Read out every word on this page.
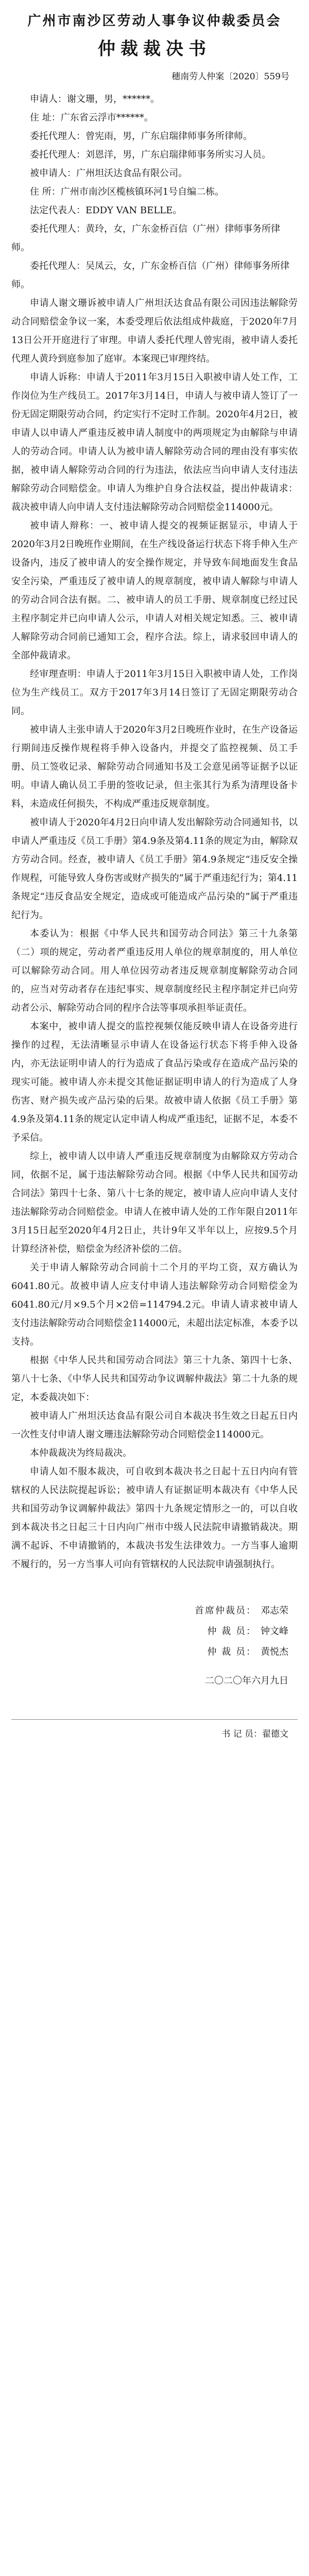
广州市南沙区劳动人事争议仲裁委员会
仲裁裁决书
穗南劳人仲案〔2020〕559号

申请人：谢文珊，男，******。

住 址：广东省云浮市******。

委托代理人：曾宪雨，男，广东启瑞律师事务所律师。

委托代理人：刘恩洋，男，广东启瑞律师事务所实习人员。

被申请人：广州坦沃达食品有限公司。

住 所：广州市南沙区榄核镇环河1号自编二栋。

法定代表人：EDDY VAN BELLE。

委托代理人：黄玲，女，广东金桥百信（广州）律师事务所律师。

委托代理人：吴凤云，女，广东金桥百信（广州）律师事务所律师。

申请人谢文珊诉被申请人广州坦沃达食品有限公司因违法解除劳动合同赔偿金争议一案，本委受理后依法组成仲裁庭，于2020年7月13日公开开庭进行了审理。申请人委托代理人曾宪雨，被申请人委托代理人黄玲到庭参加了庭审。本案现已审理终结。

申请人诉称：申请人于2011年3月15日入职被申请人处工作，工作岗位为生产线员工。2017年3月14日，申请人与被申请人签订了一份无固定期限劳动合同，约定实行不定时工作制。2020年4月2日，被申请人以申请人严重违反被申请人制度中的两项规定为由解除与申请人的劳动合同。申请人认为被申请人解除劳动合同的理由没有事实依据，被申请人解除劳动合同的行为违法，依法应当向申请人支付违法解除劳动合同赔偿金。申请人为维护自身合法权益，提出仲裁请求：裁决被申请人向申请人支付违法解除劳动合同赔偿金114000元。

被申请人辩称：一、被申请人提交的视频证据显示，申请人于2020年3月2日晚班作业期间，在生产线设备运行状态下将手伸入生产设备内，违反了被申请人的安全操作规定，并导致车间地面发生食品安全污染，严重违反了被申请人的规章制度，被申请人解除与申请人的劳动合同合法有据。二、被申请人的员工手册、规章制度已经过民主程序制定并已向申请人公示，申请人对相关规定知悉。三、被申请人解除劳动合同前已通知工会，程序合法。综上，请求驳回申请人的全部仲裁请求。

经审理查明：申请人于2011年3月15日入职被申请人处，工作岗位为生产线员工。双方于2017年3月14日签订了无固定期限劳动合同。

被申请人主张申请人于2020年3月2日晚班作业时，在生产设备运行期间违反操作规程将手伸入设备内，并提交了监控视频、员工手册、员工签收记录、解除劳动合同通知书及工会意见函等证据予以证明。申请人确认员工手册的签收记录，但主张其行为系为清理设备卡料，未造成任何损失，不构成严重违反规章制度。

被申请人于2020年4月2日向申请人发出解除劳动合同通知书，以申请人严重违反《员工手册》第4.9条及第4.11条的规定为由，解除双方劳动合同。经查，被申请人《员工手册》第4.9条规定“违反安全操作规程，可能导致人身伤害或财产损失的”属于严重违纪行为；第4.11条规定“违反食品安全规定，造成或可能造成产品污染的”属于严重违纪行为。

本委认为：根据《中华人民共和国劳动合同法》第三十九条第（二）项的规定，劳动者严重违反用人单位的规章制度的，用人单位可以解除劳动合同。用人单位因劳动者违反规章制度解除劳动合同的，应当对劳动者存在违纪事实、规章制度经民主程序制定并已向劳动者公示、解除劳动合同的程序合法等事项承担举证责任。

本案中，被申请人提交的监控视频仅能反映申请人在设备旁进行操作的过程，无法清晰显示申请人在设备运行状态下将手伸入设备内，亦无法证明申请人的行为造成了食品污染或存在造成产品污染的现实可能。被申请人亦未提交其他证据证明申请人的行为造成了人身伤害、财产损失或产品污染的后果。故被申请人依据《员工手册》第4.9条及第4.11条的规定认定申请人构成严重违纪，证据不足，本委不予采信。

综上，被申请人以申请人严重违反规章制度为由解除双方劳动合同，依据不足，属于违法解除劳动合同。根据《中华人民共和国劳动合同法》第四十七条、第八十七条的规定，被申请人应向申请人支付违法解除劳动合同赔偿金。申请人在被申请人处的工作年限自2011年3月15日起至2020年4月2日止，共计9年又半年以上，应按9.5个月计算经济补偿，赔偿金为经济补偿的二倍。

关于申请人解除劳动合同前十二个月的平均工资，双方确认为6041.80元。故被申请人应支付申请人违法解除劳动合同赔偿金为6041.80元/月×9.5个月×2倍=114794.2元。申请人请求被申请人支付违法解除劳动合同赔偿金114000元，未超出法定标准，本委予以支持。

根据《中华人民共和国劳动合同法》第三十九条、第四十七条、第八十七条、《中华人民共和国劳动争议调解仲裁法》第二十九条的规定，本委裁决如下：

被申请人广州坦沃达食品有限公司自本裁决书生效之日起五日内一次性支付申请人谢文珊违法解除劳动合同赔偿金114000元。

本仲裁裁决为终局裁决。

申请人如不服本裁决，可自收到本裁决书之日起十五日内向有管辖权的人民法院提起诉讼；被申请人有证据证明本裁决有《中华人民共和国劳动争议调解仲裁法》第四十九条规定情形之一的，可以自收到本裁决书之日起三十日内向广州市中级人民法院申请撤销裁决。期满不起诉、不申请撤销的，本裁决书发生法律效力。一方当事人逾期不履行的，另一方当事人可向有管辖权的人民法院申请强制执行。

首席仲裁员： 邓志荣
仲 裁 员： 钟文峰
仲 裁 员： 黄悦杰
二〇二〇年六月九日
书 记 员：翟德文
